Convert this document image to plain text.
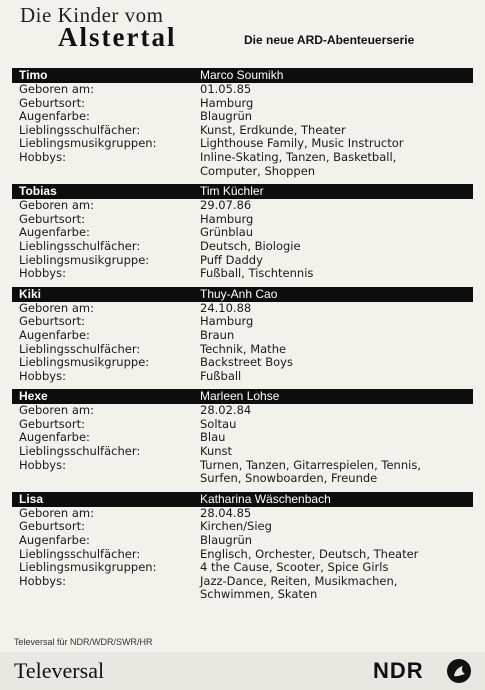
Die Kinder vom
Alstertal	Die neue ARD-Abenteuerserie
Timo	Marco Soumikh
Geboren am:	01.05.85
Geburtsort:	Hamburg
Augenfarbe:	Blaugrün
Lieblingsschulfächer:	Kunst, Erdkunde, Theater
Lieblingsmusikgruppen:	Lighthouse Family, Music Instructor
Hobbys:	Inline-Skating, Tanzen, Basketball,
Computer, Shoppen
Tobias	Tim Küchler
Geboren am:	29.07.86
Geburtsort:	Hamburg
Augenfarbe:	Grünblau
Lieblingsschulfächer:	Deutsch, Biologie
Lieblingsmusikgruppe:	Puff Daddy
Hobbys:	Fußball, Tischtennis
Kiki	Thuy-Anh Cao
Geboren am:	24.10.88
Geburtsort:	Hamburg
Augenfarbe:	Braun
Lieblingsschulfächer:	Technik, Mathe
Lieblingsmusikgruppe:	Backstreet Boys
Hobbys:	Fußball
Hexe	Marleen Lohse
Geboren am:	28.02.84
Geburtsort:	Soltau
Augenfarbe:	Blau
Lieblingsschulfächer:	Kunst
Hobbys:	Turnen, Tanzen, Gitarrespielen, Tennis,
Surfen, Snowboarden, Freunde
Lisa	Katharina Wäschenbach
Geboren am:	28.04.85
Geburtsort:	Kirchen/Sieg
Augenfarbe:	Blaugrün
Lieblingsschulfächer:	Englisch, Orchester, Deutsch, Theater
Lieblingsmusikgruppen:	4 the Cause, Scooter, Spice Girls
Hobbys:	Jazz-Dance, Reiten, Musikmachen,
Schwimmen, Skaten
Televersal für NDR/WDR/SWR/HR
Televersal	NDR
